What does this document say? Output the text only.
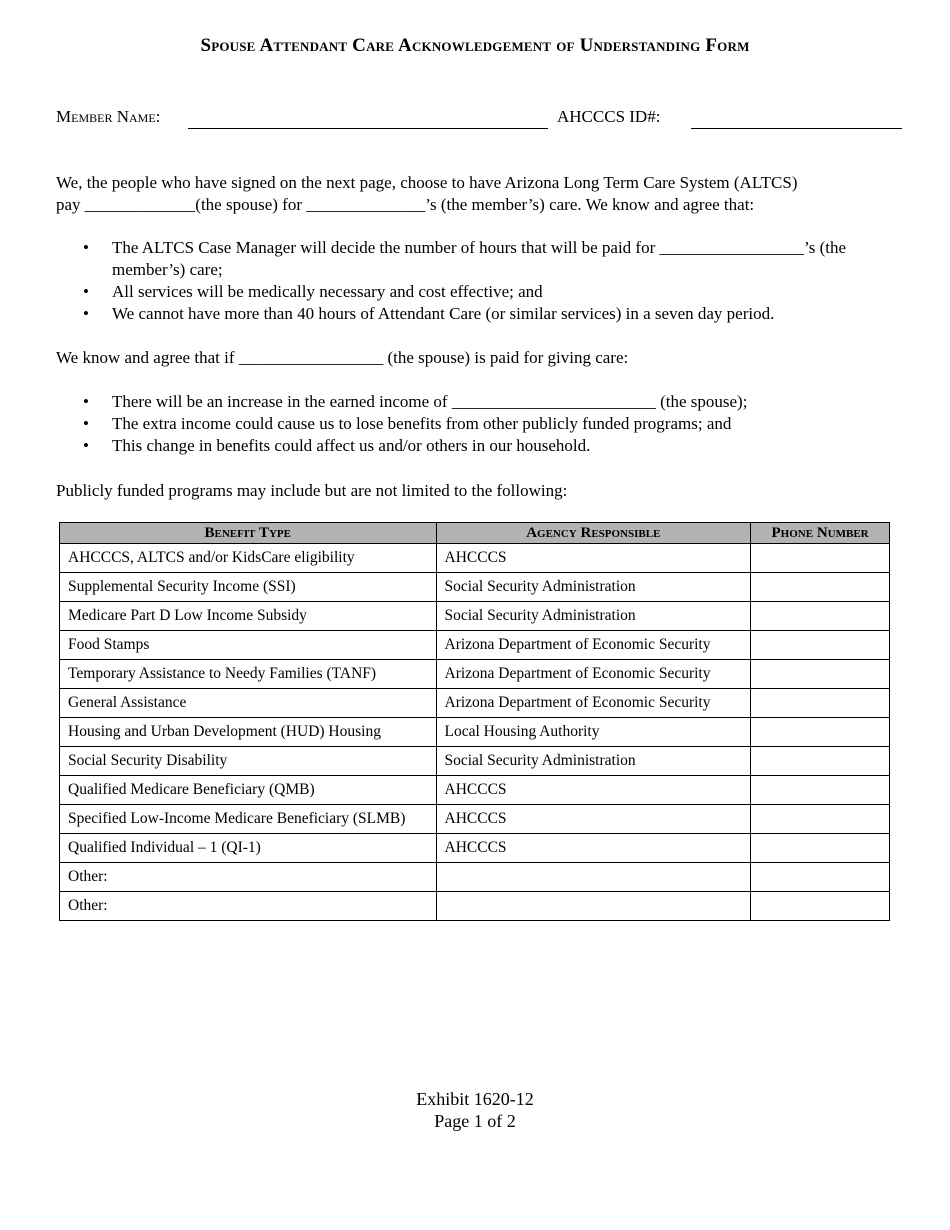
Spouse Attendant Care Acknowledgement of Understanding Form
Member Name:	AHCCCS ID#:
We, the people who have signed on the next page, choose to have Arizona Long Term Care System (ALTCS)
pay _____________(the spouse) for ______________’s (the member’s) care. We know and agree that:
• The ALTCS Case Manager will decide the number of hours that will be paid for _________________’s (the member’s) care;
• All services will be medically necessary and cost effective; and
• We cannot have more than 40 hours of Attendant Care (or similar services) in a seven day period.
We know and agree that if _________________ (the spouse) is paid for giving care:
• There will be an increase in the earned income of ________________________ (the spouse);
• The extra income could cause us to lose benefits from other publicly funded programs; and
• This change in benefits could affect us and/or others in our household.
Publicly funded programs may include but are not limited to the following:
Benefit Type	Agency Responsible	Phone Number
AHCCCS, ALTCS and/or KidsCare eligibility	AHCCCS	
Supplemental Security Income (SSI)	Social Security Administration	
Medicare Part D Low Income Subsidy	Social Security Administration	
Food Stamps	Arizona Department of Economic Security	
Temporary Assistance to Needy Families (TANF)	Arizona Department of Economic Security	
General Assistance	Arizona Department of Economic Security	
Housing and Urban Development (HUD) Housing	Local Housing Authority	
Social Security Disability	Social Security Administration	
Qualified Medicare Beneficiary (QMB)	AHCCCS	
Specified Low-Income Medicare Beneficiary (SLMB)	AHCCCS	
Qualified Individual – 1 (QI-1)	AHCCCS	
Other:		
Other:		
Exhibit 1620-12
Page 1 of 2
